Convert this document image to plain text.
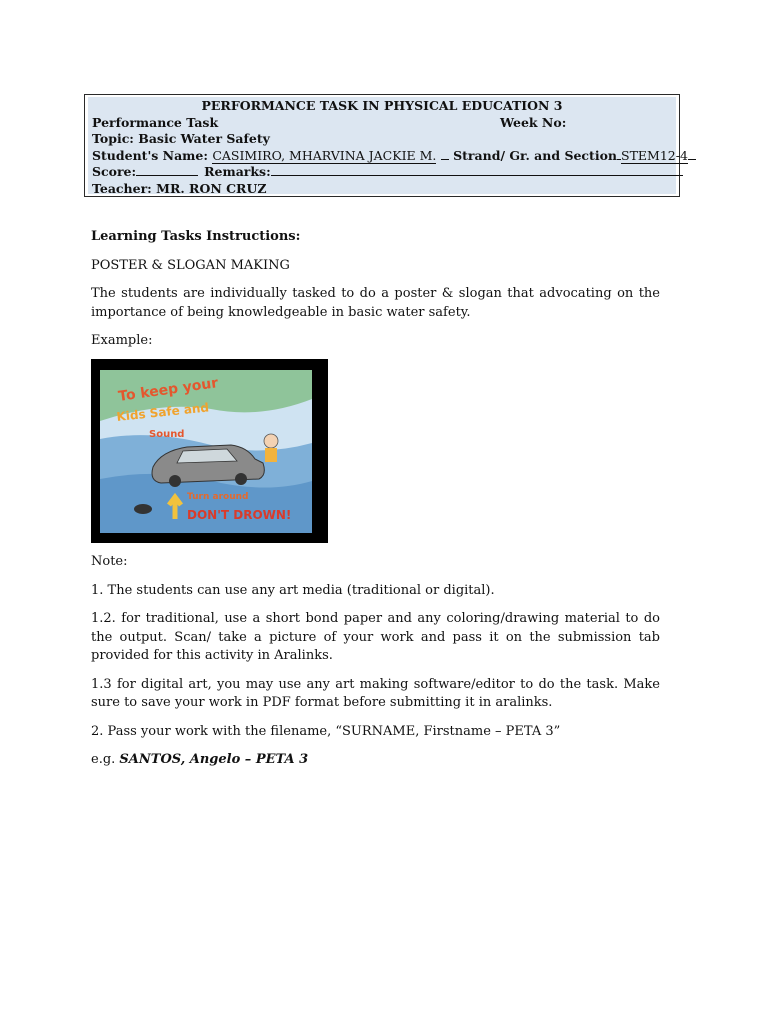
PERFORMANCE TASK IN PHYSICAL EDUCATION 3
Performance Task	Week No:
Topic: Basic Water Safety
Student's Name: CASIMIRO, MHARVINA JACKIE M. Strand/ Gr. and Section STEM12-4
Score:	Remarks:
Teacher: MR. RON CRUZ

Learning Tasks Instructions:

POSTER & SLOGAN MAKING

The students are individually tasked to do a poster & slogan that advocating on the importance of being knowledgeable in basic water safety.

Example:

To keep your
Kids Safe and
Sound
Turn around
DON'T DROWN!

Note:

1. The students can use any art media (traditional or digital).

1.2. for traditional, use a short bond paper and any coloring/drawing material to do the output. Scan/ take a picture of your work and pass it on the submission tab provided for this activity in Aralinks.

1.3 for digital art, you may use any art making software/editor to do the task. Make sure to save your work in PDF format before submitting it in aralinks.

2. Pass your work with the filename, “SURNAME, Firstname – PETA 3”

e.g. SANTOS, Angelo – PETA 3
